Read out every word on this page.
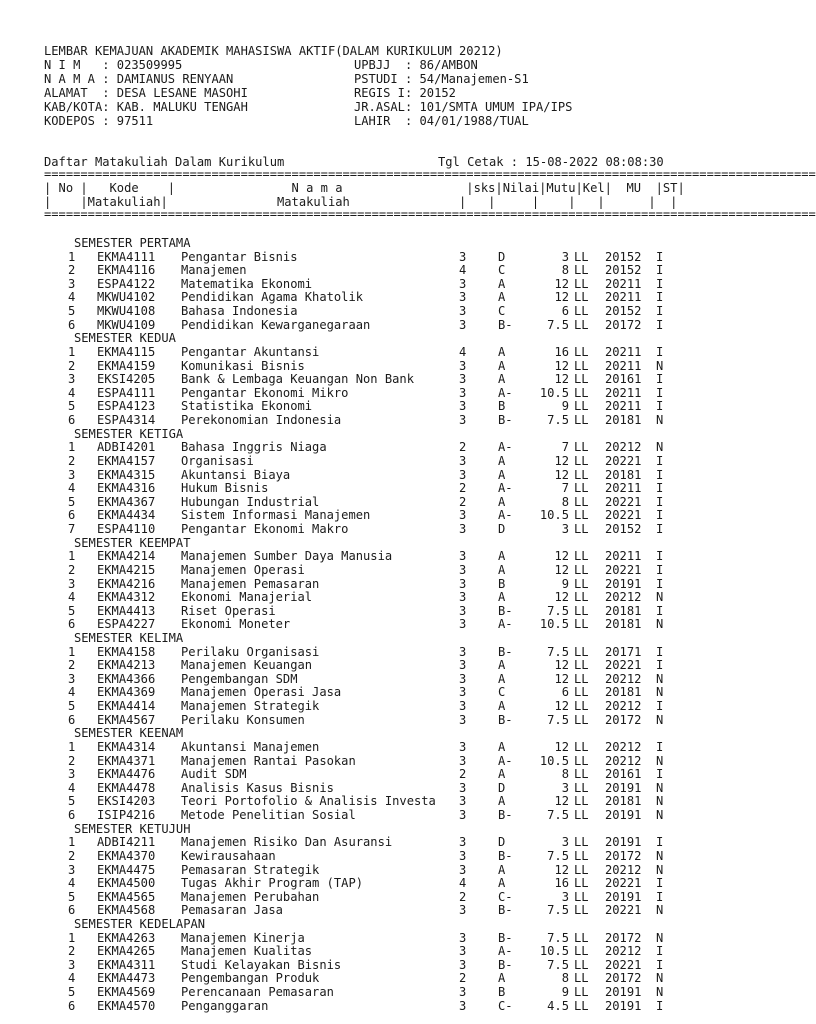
LEMBAR KEMAJUAN AKADEMIK MAHASISWA AKTIF(DALAM KURIKULUM 20212)
N I M   : 023509995
N A M A : DAMIANUS RENYAAN
ALAMAT  : DESA LESANE MASOHI
KAB/KOTA: KAB. MALUKU TENGAH
KODEPOS : 97511
UPBJJ  : 86/AMBON
PSTUDI : 54/Manajemen-S1
REGIS I: 20152
JR.ASAL: 101/SMTA UMUM IPA/IPS
LAHIR  : 04/01/1988/TUAL
Daftar Matakuliah Dalam Kurikulum	Tgl Cetak : 15-08-2022 08:08:30
==========================================================================================================
| No |   Kode    |                N a m a                 |sks|Nilai|Mutu|Kel|  MU  |ST|
|    |Matakuliah|               Matakuliah               |   |     |    |   |      |  |
==========================================================================================================
SEMESTER PERTAMA
1 EKMA4111 Pengantar Bisnis	3	D	3 LL 20152 I
2 EKMA4116 Manajemen	4	C	8 LL 20152 I
3 ESPA4122 Matematika Ekonomi	3	A	12 LL 20211 I
4 MKWU4102 Pendidikan Agama Khatolik	3	A	12 LL 20211 I
5 MKWU4108 Bahasa Indonesia	3	C	6 LL 20152 I
6 MKWU4109 Pendidikan Kewarganegaraan	3	B-	7.5 LL 20172 I
SEMESTER KEDUA
1 EKMA4115 Pengantar Akuntansi	4	A	16 LL 20211 I
2 EKMA4159 Komunikasi Bisnis	3	A	12 LL 20211 N
3 EKSI4205 Bank & Lembaga Keuangan Non Bank	3	A	12 LL 20161 I
4 ESPA4111 Pengantar Ekonomi Mikro	3	A- 10.5 LL 20211 I
5 ESPA4123 Statistika Ekonomi	3	B	9 LL 20211 I
6 ESPA4314 Perekonomian Indonesia	3	B-	7.5 LL 20181 N
SEMESTER KETIGA
1 ADBI4201 Bahasa Inggris Niaga	2	A-	7 LL 20212 N
2 EKMA4157 Organisasi	3	A	12 LL 20221 I
3 EKMA4315 Akuntansi Biaya	3	A	12 LL 20181 I
4 EKMA4316 Hukum Bisnis	2	A-	7 LL 20211 I
5 EKMA4367 Hubungan Industrial	2	A	8 LL 20221 I
6 EKMA4434 Sistem Informasi Manajemen	3	A- 10.5 LL 20221 I
7 ESPA4110 Pengantar Ekonomi Makro	3	D	3 LL 20152 I
SEMESTER KEEMPAT
1 EKMA4214 Manajemen Sumber Daya Manusia	3	A	12 LL 20211 I
2 EKMA4215 Manajemen Operasi	3	A	12 LL 20221 I
3 EKMA4216 Manajemen Pemasaran	3	B	9 LL 20191 I
4 EKMA4312 Ekonomi Manajerial	3	A	12 LL 20212 N
5 EKMA4413 Riset Operasi	3	B-	7.5 LL 20181 I
6 ESPA4227 Ekonomi Moneter	3	A- 10.5 LL 20181 N
SEMESTER KELIMA
1 EKMA4158 Perilaku Organisasi	3	B-	7.5 LL 20171 I
2 EKMA4213 Manajemen Keuangan	3	A	12 LL 20221 I
3 EKMA4366 Pengembangan SDM	3	A	12 LL 20212 N
4 EKMA4369 Manajemen Operasi Jasa	3	C	6 LL 20181 N
5 EKMA4414 Manajemen Strategik	3	A	12 LL 20212 I
6 EKMA4567 Perilaku Konsumen	3	B-	7.5 LL 20172 N
SEMESTER KEENAM
1 EKMA4314 Akuntansi Manajemen	3	A	12 LL 20212 I
2 EKMA4371 Manajemen Rantai Pasokan	3	A- 10.5 LL 20212 N
3 EKMA4476 Audit SDM	2	A	8 LL 20161 I
4 EKMA4478 Analisis Kasus Bisnis	3	D	3 LL 20191 N
5 EKSI4203 Teori Portofolio & Analisis Investa 3	A	12 LL 20181 N
6 ISIP4216 Metode Penelitian Sosial	3	B-	7.5 LL 20191 N
SEMESTER KETUJUH
1 ADBI4211 Manajemen Risiko Dan Asuransi	3	D	3 LL 20191 I
2 EKMA4370 Kewirausahaan	3	B-	7.5 LL 20172 N
3 EKMA4475 Pemasaran Strategik	3	A	12 LL 20212 N
4 EKMA4500 Tugas Akhir Program (TAP)	4	A	16 LL 20221 I
5 EKMA4565 Manajemen Perubahan	2	C-	3 LL 20191 I
6 EKMA4568 Pemasaran Jasa	3	B-	7.5 LL 20221 N
SEMESTER KEDELAPAN
1 EKMA4263 Manajemen Kinerja	3	B-	7.5 LL 20172 N
2 EKMA4265 Manajemen Kualitas	3	A- 10.5 LL 20212 I
3 EKMA4311 Studi Kelayakan Bisnis	3	B-	7.5 LL 20221 I
4 EKMA4473 Pengembangan Produk	2	A	8 LL 20172 N
5 EKMA4569 Perencanaan Pemasaran	3	B	9 LL 20191 N
6 EKMA4570 Penganggaran	3	C-	4.5 LL 20191 I
